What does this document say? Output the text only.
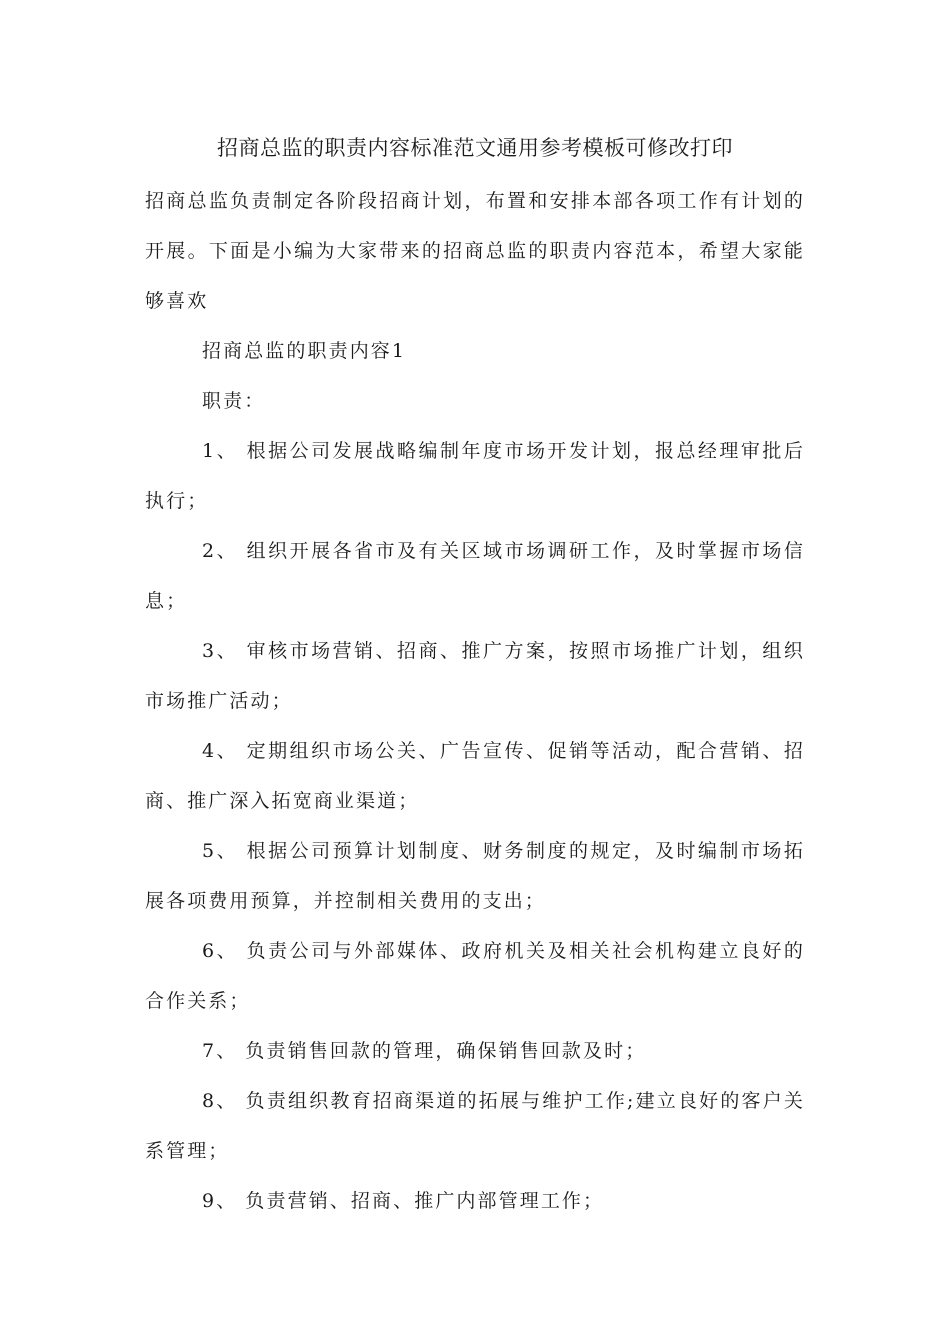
招商总监的职责内容标准范文通用参考模板可修改打印

招商总监负责制定各阶段招商计划，布置和安排本部各项工作有计划的开展。下面是小编为大家带来的招商总监的职责内容范本，希望大家能够喜欢

招商总监的职责内容1

职责：

1、 根据公司发展战略编制年度市场开发计划，报总经理审批后执行；

2、 组织开展各省市及有关区域市场调研工作，及时掌握市场信息；

3、 审核市场营销、招商、推广方案，按照市场推广计划，组织市场推广活动；

4、 定期组织市场公关、广告宣传、促销等活动，配合营销、招商、推广深入拓宽商业渠道；

5、 根据公司预算计划制度、财务制度的规定，及时编制市场拓展各项费用预算，并控制相关费用的支出；

6、 负责公司与外部媒体、政府机关及相关社会机构建立良好的合作关系；

7、 负责销售回款的管理，确保销售回款及时；

8、 负责组织教育招商渠道的拓展与维护工作;建立良好的客户关系管理；

9、 负责营销、招商、推广内部管理工作；
